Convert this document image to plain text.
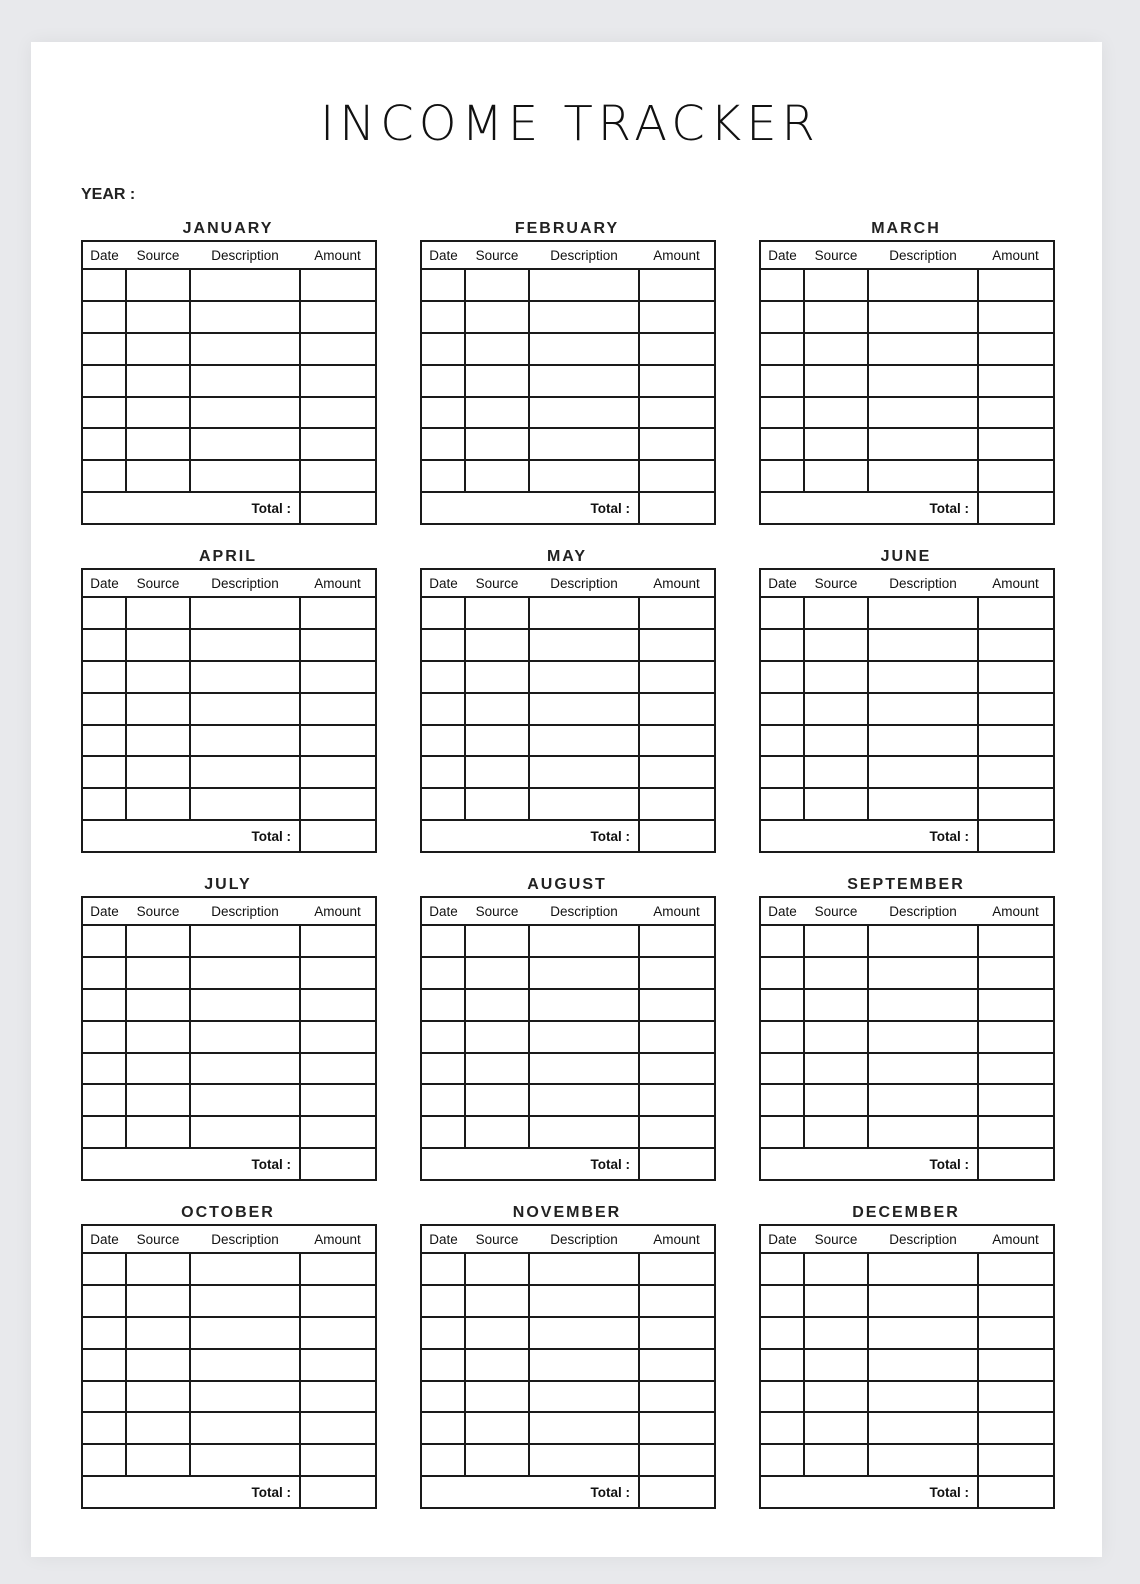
INCOME TRACKER
YEAR :
JANUARY
Date	Source	Description	Amount

Total :			
FEBRUARY
Date	Source	Description	Amount

Total :			
MARCH
Date	Source	Description	Amount

Total :			
APRIL
Date	Source	Description	Amount

Total :			
MAY
Date	Source	Description	Amount

Total :			
JUNE
Date	Source	Description	Amount

Total :			
JULY
Date	Source	Description	Amount

Total :			
AUGUST
Date	Source	Description	Amount

Total :			
SEPTEMBER
Date	Source	Description	Amount

Total :			
OCTOBER
Date	Source	Description	Amount

Total :			
NOVEMBER
Date	Source	Description	Amount

Total :			
DECEMBER
Date	Source	Description	Amount

Total :			
